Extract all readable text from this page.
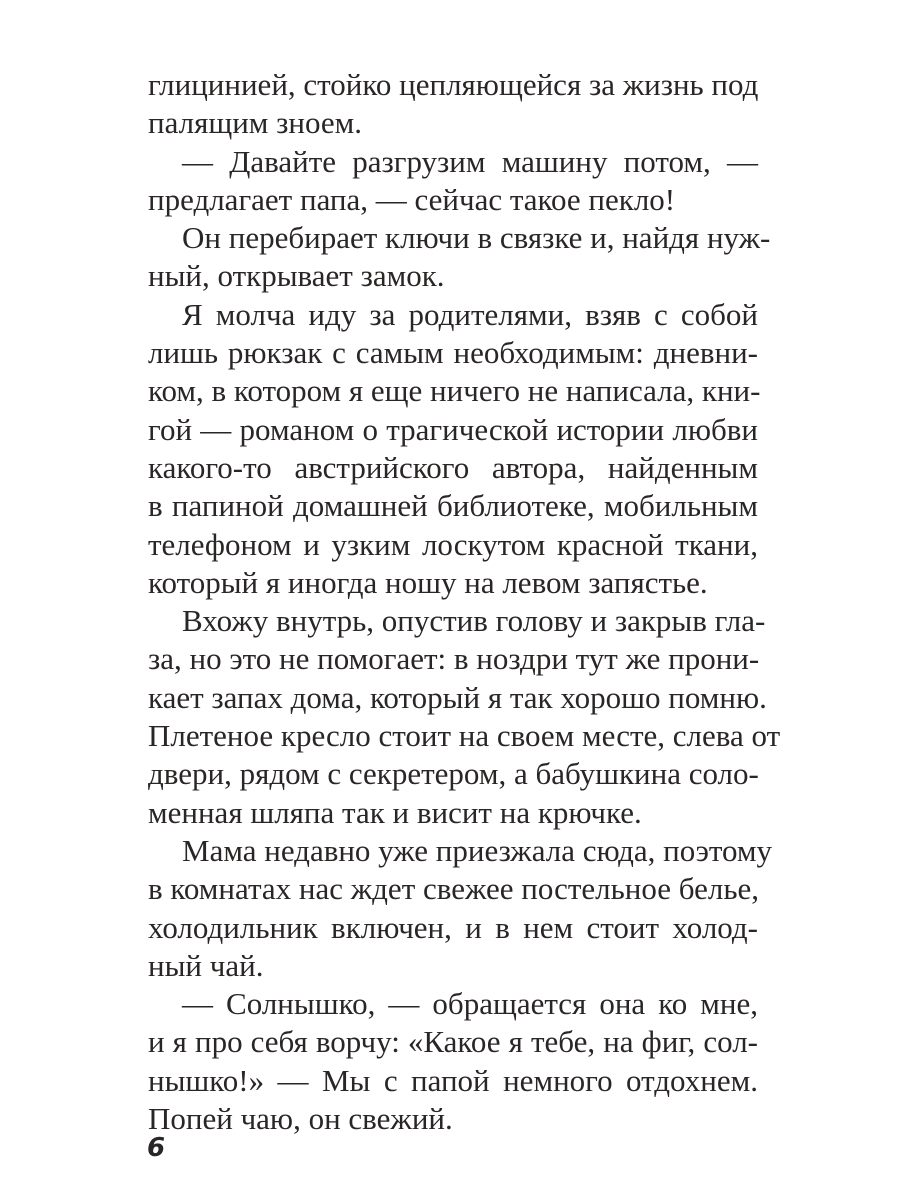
глицинией, стойко цепляющейся за жизнь под
палящим зноем.
— Давайте разгрузим машину потом, —
предлагает папа, — сейчас такое пекло!
Он перебирает ключи в связке и, найдя нуж-
ный, открывает замок.
Я молча иду за родителями, взяв с собой
лишь рюкзак с самым необходимым: дневни-
ком, в котором я еще ничего не написала, кни-
гой — романом о трагической истории любви
какого-то австрийского автора, найденным
в папиной домашней библиотеке, мобильным
телефоном и узким лоскутом красной ткани,
который я иногда ношу на левом запястье.
Вхожу внутрь, опустив голову и закрыв гла-
за, но это не помогает: в ноздри тут же прони-
кает запах дома, который я так хорошо помню.
Плетеное кресло стоит на своем месте, слева от
двери, рядом с секретером, а бабушкина соло-
менная шляпа так и висит на крючке.
Мама недавно уже приезжала сюда, поэтому
в комнатах нас ждет свежее постельное белье,
холодильник включен, и в нем стоит холод-
ный чай.
— Солнышко, — обращается она ко мне,
и я про себя ворчу: «Какое я тебе, на фиг, сол-
нышко!» — Мы с папой немного отдохнем.
Попей чаю, он свежий.
6
